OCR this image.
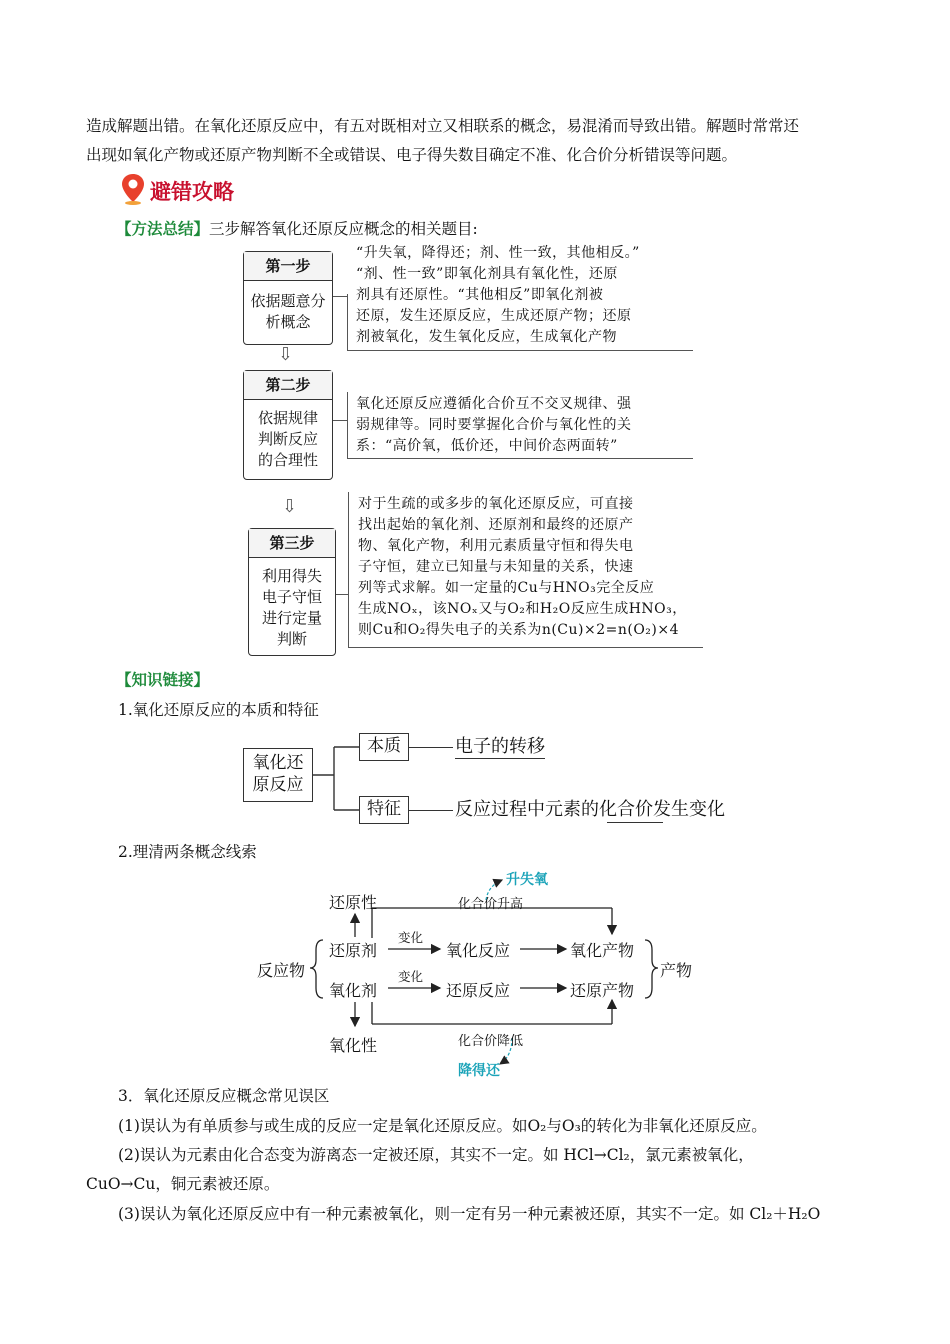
造成解题出错。在氧化还原反应中，有五对既相对立又相联系的概念，易混淆而导致出错。解题时常常还
出现如氧化产物或还原产物判断不全或错误、电子得失数目确定不准、化合价分析错误等问题。
避错攻略
【方法总结】三步解答氧化还原反应概念的相关题目:
第一步
依据题意分析概念
“升失氧，降得还；剂、性一致，其他相反。”
“剂、性一致”即氧化剂具有氧化性，还原
剂具有还原性。“其他相反”即氧化剂被
还原，发生还原反应，生成还原产物；还原
剂被氧化，发生氧化反应，生成氧化产物
⇩
第二步
依据规律判断反应的合理性
氧化还原反应遵循化合价互不交叉规律、强
弱规律等。同时要掌握化合价与氧化性的关
系：“高价氧，低价还，中间价态两面转”
⇩
第三步
利用得失电子守恒进行定量判断
对于生疏的或多步的氧化还原反应，可直接
找出起始的氧化剂、还原剂和最终的还原产
物、氧化产物，利用元素质量守恒和得失电
子守恒，建立已知量与未知量的关系，快速
列等式求解。如一定量的Cu与HNO₃完全反应
生成NOₓ，该NOₓ又与O₂和H₂O反应生成HNO₃，
则Cu和O₂得失电子的关系为n(Cu)×2=n(O₂)×4
【知识链接】
1.氧化还原反应的本质和特征
氧化还原反应
本质	电子的转移
特征	反应过程中元素的化合价发生变化
2.理清两条概念线索
还原性
反应物
还原剂
氧化剂
氧化性
变化
变化
氧化反应
还原反应
氧化产物
还原产物
产物
化合价升高
化合价降低
升失氧
降得还
3．氧化还原反应概念常见误区
(1)误认为有单质参与或生成的反应一定是氧化还原反应。如O₂与O₃的转化为非氧化还原反应。
(2)误认为元素由化合态变为游离态一定被还原，其实不一定。如 HCl→Cl₂，氯元素被氧化，
CuO→Cu，铜元素被还原。
(3)误认为氧化还原反应中有一种元素被氧化，则一定有另一种元素被还原，其实不一定。如 Cl₂＋H₂O
